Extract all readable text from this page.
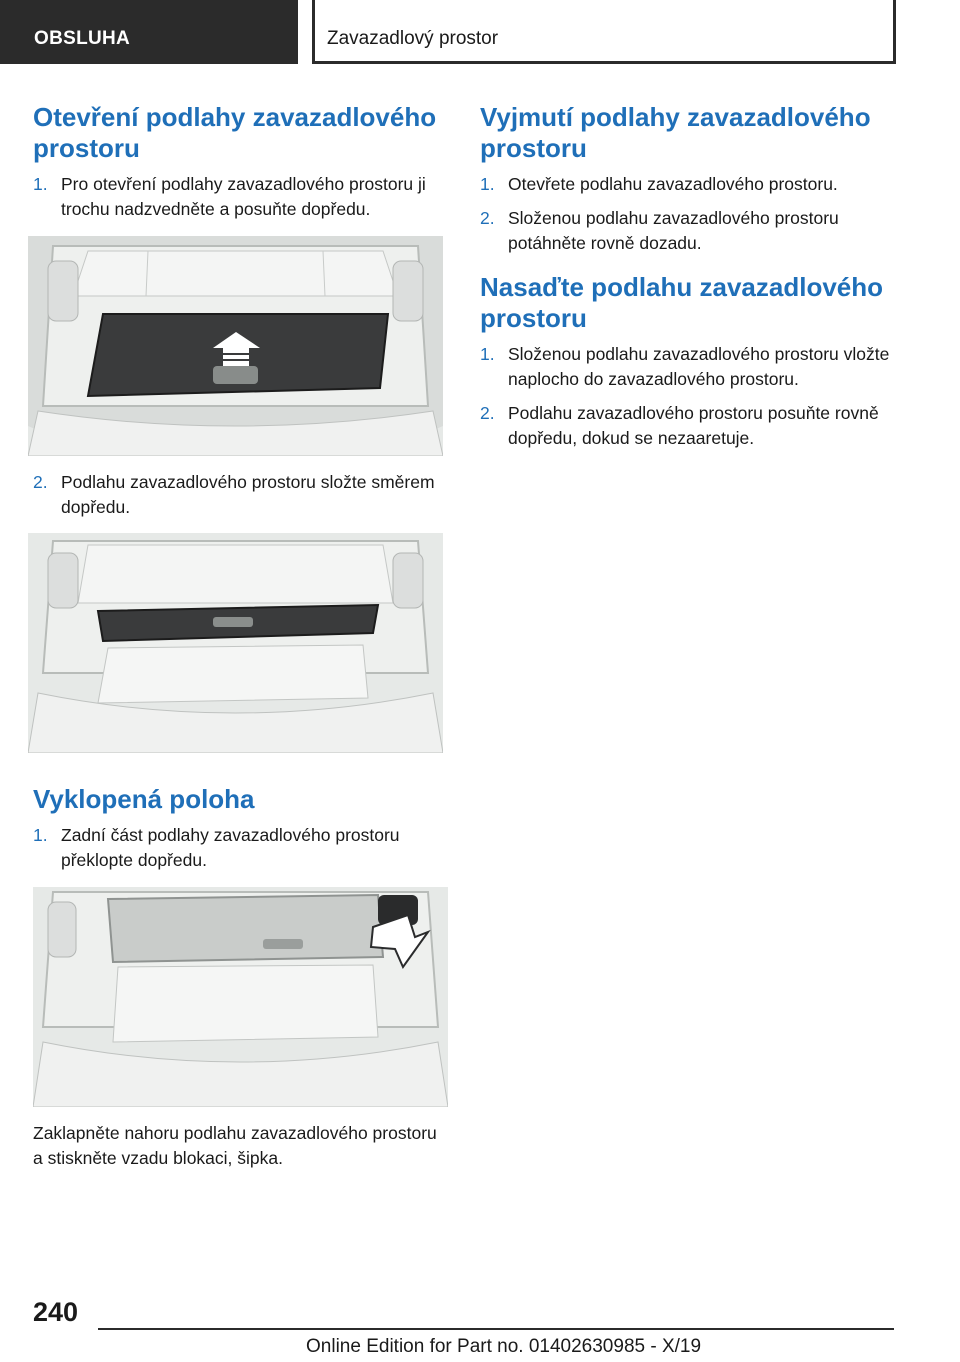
OBSLUHA	Zavazadlový prostor
Otevření podlahy zavazadlového prostoru
1. Pro otevření podlahy zavazadlového prostoru ji trochu nadzvedněte a posuňte dopředu.
2. Podlahu zavazadlového prostoru složte směrem dopředu.
Vyklopená poloha
1. Zadní část podlahy zavazadlového prostoru překlopte dopředu.
Zaklapněte nahoru podlahu zavazadlového prostoru a stiskněte vzadu blokaci, šipka.
Vyjmutí podlahy zavazadlového prostoru
1. Otevřete podlahu zavazadlového prostoru.
2. Složenou podlahu zavazadlového prostoru potáhněte rovně dozadu.
Nasaďte podlahu zavazadlového prostoru
1. Složenou podlahu zavazadlového prostoru vložte naplocho do zavazadlového prostoru.
2. Podlahu zavazadlového prostoru posuňte rovně dopředu, dokud se nezaaretuje.
240
Online Edition for Part no. 01402630985 - X/19
